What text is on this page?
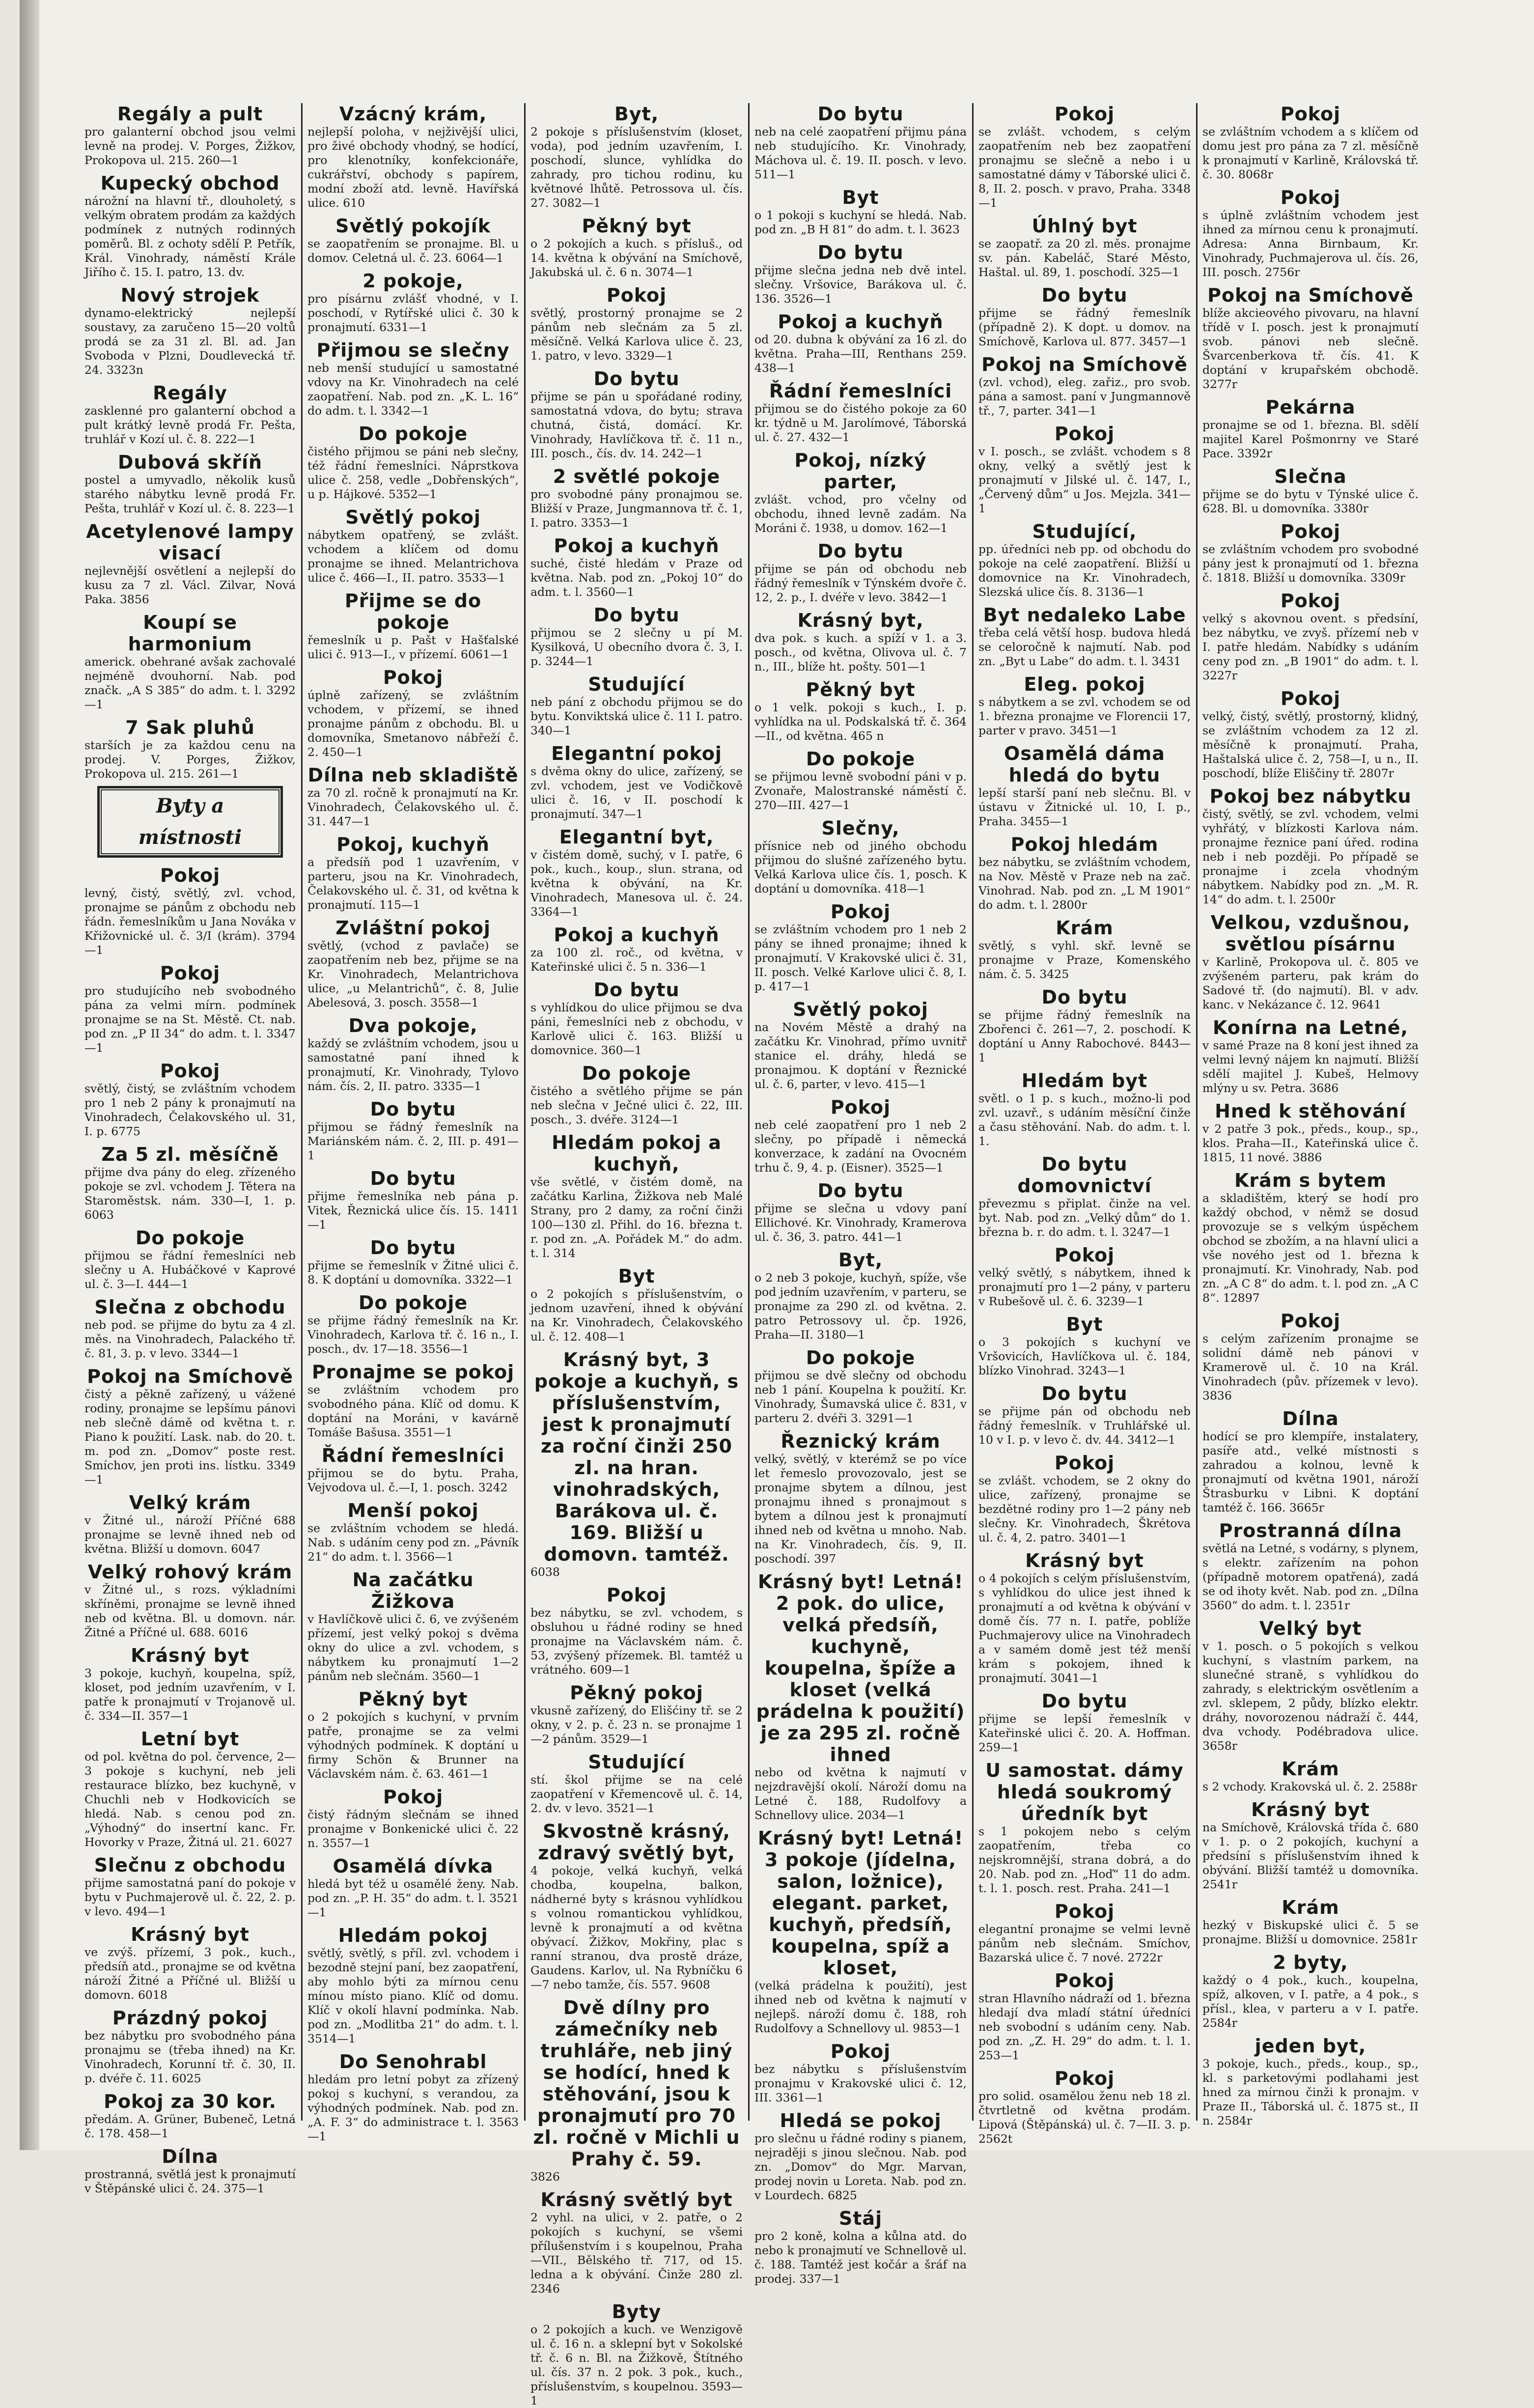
Regály a pult

pro galanterní obchod jsou velmi levně na prodej. V. Porges, Žižkov, Prokopova ul. 215. 260—1

Kupecký obchod

nárožní na hlavní tř., dlouholetý, s velkým obratem prodám za každých podmínek z nutných rodinných poměrů. Bl. z ochoty sdělí P. Petřík, Král. Vinohrady, náměstí Krále Jiřího č. 15. I. patro, 13. dv.

Nový strojek

dynamo-elektrický nejlepší soustavy, za zaručeno 15—20 voltů prodá se za 31 zl. Bl. ad. Jan Svoboda v Plzni, Doudlevecká tř. 24. 3323n

Regály

zasklenné pro galanterní obchod a pult krátký levně prodá Fr. Pešta, truhlář v Kozí ul. č. 8. 222—1

Dubová skříň

postel a umyvadlo, několik kusů starého nábytku levně prodá Fr. Pešta, truhlář v Kozí ul. č. 8. 223—1

Acetylenové lampy visací

nejlevnější osvětlení a nejlepší do kusu za 7 zl. Václ. Zilvar, Nová Paka. 3856

Koupí se harmonium

americk. obehrané avšak zachovalé nejméně dvouhorní. Nab. pod značk. „A S 385“ do adm. t. l. 3292—1

7 Sak pluhů

starších je za každou cenu na prodej. V. Porges, Žižkov, Prokopova ul. 215. 261—1

Byty a místnosti
Pokoj

levný, čistý, světlý, zvl. vchod, pronajme se pánům z obchodu neb řádn. řemeslníkům u Jana Nováka v Křižovnické ul. č. 3/I (krám). 3794—1

Pokoj

pro studujícího neb svobodného pána za velmi mírn. podmínek pronajme se na St. Městě. Ct. nab. pod zn. „P II 34“ do adm. t. l. 3347—1

Pokoj

světlý, čistý, se zvláštním vchodem pro 1 neb 2 pány k pronajmutí na Vinohradech, Čelakovského ul. 31, I. p. 6775

Za 5 zl. měsíčně

přijme dva pány do eleg. zřízeného pokoje se zvl. vchodem J. Tětera na Staroměstsk. nám. 330—I, 1. p. 6063

Do pokoje

přijmou se řádní řemeslníci neb slečny u A. Hubáčkové v Kaprové ul. č. 3—I. 444—1

Slečna z obchodu

neb pod. se přijme do bytu za 4 zl. měs. na Vinohradech, Palackého tř. č. 81, 3. p. v levo. 3344—1

Pokoj na Smíchově

čistý a pěkně zařízený, u vážené rodiny, pronajme se lepšímu pánovi neb slečně dámě od května t. r. Piano k použití. Lask. nab. do 20. t. m. pod zn. „Domov“ poste rest. Smíchov, jen proti ins. lístku. 3349—1

Velký krám

v Žitné ul., nároží Příčné 688 pronajme se levně ihned neb od května. Bližší u domovn. 6047

Velký rohový krám

v Žitné ul., s rozs. výkladními skříněmi, pronajme se levně ihned neb od května. Bl. u domovn. nár. Žitné a Příčné ul. 688. 6016

Krásný byt

3 pokoje, kuchyň, koupelna, spíž, kloset, pod jedním uzavřením, v I. patře k pronajmutí v Trojanově ul. č. 334—II. 357—1

Letní byt

od pol. května do pol. července, 2—3 pokoje s kuchyní, neb jeli restaurace blízko, bez kuchyně, v Chuchli neb v Hodkovicích se hledá. Nab. s cenou pod zn. „Výhodný“ do insertní kanc. Fr. Hovorky v Praze, Žitná ul. 21. 6027

Slečnu z obchodu

přijme samostatná paní do pokoje v bytu v Puchmajerově ul. č. 22, 2. p. v levo. 494—1

Krásný byt

ve zvýš. přízemí, 3 pok., kuch., předsíň atd., pronajme se od května nároží Žitné a Příčné ul. Bližší u domovn. 6018

Prázdný pokoj

bez nábytku pro svobodného pána pronajmu se (třeba ihned) na Kr. Vinohradech, Korunní tř. č. 30, II. p. dvéře č. 11. 6025

Pokoj za 30 kor.

předám. A. Grüner, Bubeneč, Letná č. 178. 458—1

Dílna

prostranná, světlá jest k pronajmutí v Štěpánské ulici č. 24. 375—1

Vzácný krám,

nejlepší poloha, v nejživější ulici, pro živé obchody vhodný, se hodící, pro klenotníky, konfekcionáře, cukrářství, obchody s papírem, modní zboží atd. levně. Havířská ulice. 610

Světlý pokojík

se zaopatřením se pronajme. Bl. u domov. Celetná ul. č. 23. 6064—1

2 pokoje,

pro písárnu zvlášť vhodné, v I. poschodí, v Rytířské ulici č. 30 k pronajmutí. 6331—1

Přijmou se slečny

neb menší studující u samostatné vdovy na Kr. Vinohradech na celé zaopatření. Nab. pod zn. „K. L. 16“ do adm. t. l. 3342—1

Do pokoje

čistého přijmou se páni neb slečny, též řádní řemeslníci. Náprstkova ulice č. 258, vedle „Dobřenských“, u p. Hájkové. 5352—1

Světlý pokoj

nábytkem opatřený, se zvlášt. vchodem a klíčem od domu pronajme se ihned. Melantrichova ulice č. 466—I., II. patro. 3533—1

Přijme se do pokoje

řemeslník u p. Pašt v Hašťalské ulici č. 913—I., v přízemí. 6061—1

Pokoj

úplně zařízený, se zvláštním vchodem, v přízemí, se ihned pronajme pánům z obchodu. Bl. u domovníka, Smetanovo nábřeží č. 2. 450—1

Dílna neb skladiště

za 70 zl. ročně k pronajmutí na Kr. Vinohradech, Čelakovského ul. č. 31. 447—1

Pokoj, kuchyň

a předsíň pod 1 uzavřením, v parteru, jsou na Kr. Vinohradech, Čelakovského ul. č. 31, od května k pronajmutí. 115—1

Zvláštní pokoj

světlý, (vchod z pavlače) se zaopatřením neb bez, přijme se na Kr. Vinohradech, Melantrichova ulice, „u Melantrichů“, č. 8, Julie Abelesová, 3. posch. 3558—1

Dva pokoje,

každý se zvláštním vchodem, jsou u samostatné paní ihned k pronajmutí, Kr. Vinohrady, Tylovo nám. čís. 2, II. patro. 3335—1

Do bytu

přijmou se řádný řemeslník na Mariánském nám. č. 2, III. p. 491—1

Do bytu

přijme řemeslníka neb pána p. Vitek, Řeznická ulice čís. 15. 1411—1

Do bytu

přijme se řemeslník v Žitné ulici č. 8. K doptání u domovníka. 3322—1

Do pokoje

se přijme řádný řemeslník na Kr. Vinohradech, Karlova tř. č. 16 n., I. posch., dv. 17—18. 3556—1

Pronajme se pokoj

se zvláštním vchodem pro svobodného pána. Klíč od domu. K doptání na Moráni, v kavárně Tomáše Bašusa. 3551—1

Řádní řemeslníci

přijmou se do bytu. Praha, Vejvodova ul. č.—I, 1. posch. 3242

Menší pokoj

se zvláštním vchodem se hledá. Nab. s udáním ceny pod zn. „Pávník 21“ do adm. t. l. 3566—1

Na začátku Žižkova

v Havlíčkově ulici č. 6, ve zvýšeném přízemí, jest velký pokoj s dvěma okny do ulice a zvl. vchodem, s nábytkem ku pronajmutí 1—2 pánům neb slečnám. 3560—1

Pěkný byt

o 2 pokojích s kuchyní, v prvním patře, pronajme se za velmi výhodných podmínek. K doptání u firmy Schön & Brunner na Václavském nám. č. 63. 461—1

Pokoj

čistý řádným slečnám se ihned pronajme v Bonkenické ulici č. 22 n. 3557—1

Osamělá dívka

hledá byt též u osamělé ženy. Nab. pod zn. „P. H. 35“ do adm. t. l. 3521—1

Hledám pokoj

světlý, světlý, s příl. zvl. vchodem i bezodně stejní paní, bez zaopatření, aby mohlo býti za mírnou cenu mínou místo piano. Klíč od domu. Klíč v okolí hlavní podmínka. Nab. pod zn. „Modlitba 21“ do adm. t. l. 3514—1

Do Senohrabl

hledám pro letní pobyt za zřízený pokoj s kuchyní, s verandou, za výhodných podmínek. Nab. pod zn. „A. F. 3“ do administrace t. l. 3563—1

Byt,

2 pokoje s příslušenstvím (kloset, voda), pod jedním uzavřením, I. poschodí, slunce, vyhlídka do zahrady, pro tichou rodinu, ku květnové lhůtě. Petrossova ul. čís. 27. 3082—1

Pěkný byt

o 2 pokojích a kuch. s přísluš., od 14. května k obývání na Smíchově, Jakubská ul. č. 6 n. 3074—1

Pokoj

světlý, prostorný pronajme se 2 pánům neb slečnám za 5 zl. měsíčně. Velká Karlova ulice č. 23, 1. patro, v levo. 3329—1

Do bytu

přijme se pán u spořádané rodiny, samostatná vdova, do bytu; strava chutná, čistá, domácí. Kr. Vinohrady, Havlíčkova tř. č. 11 n., III. posch., čís. dv. 14. 242—1

2 světlé pokoje

pro svobodné pány pronajmou se. Bližší v Praze, Jungmannova tř. č. 1, I. patro. 3353—1

Pokoj a kuchyň

suché, čisté hledám v Praze od května. Nab. pod zn. „Pokoj 10“ do adm. t. l. 3560—1

Do bytu

přijmou se 2 slečny u pí M. Kysilková, U obecního dvora č. 3, I. p. 3244—1

Studující

neb pání z obchodu přijmou se do bytu. Konviktská ulice č. 11 I. patro. 340—1

Elegantní pokoj

s dvěma okny do ulice, zařízený, se zvl. vchodem, jest ve Vodičkově ulici č. 16, v II. poschodí k pronajmutí. 347—1

Elegantní byt,

v čistém domě, suchý, v I. patře, 6 pok., kuch., koup., slun. strana, od května k obývání, na Kr. Vinohradech, Manesova ul. č. 24. 3364—1

Pokoj a kuchyň

za 100 zl. roč., od května, v Kateřinské ulici č. 5 n. 336—1

Do bytu

s vyhlídkou do ulice přijmou se dva páni, řemeslníci neb z obchodu, v Karlově ulici č. 163. Bližší u domovnice. 360—1

Do pokoje

čistého a světlého přijme se pán neb slečna v Ječné ulici č. 22, III. posch., 3. dvéře. 3124—1

Hledám pokoj a kuchyň,

vše světlé, v čistém domě, na začátku Karlina, Žižkova neb Malé Strany, pro 2 damy, za roční činži 100—130 zl. Přihl. do 16. března t. r. pod zn. „A. Pořádek M.“ do adm. t. l. 314

Byt

o 2 pokojích s příslušenstvím, o jednom uzavření, ihned k obývání na Kr. Vinohradech, Čelakovského ul. č. 12. 408—1

Krásný byt, 3 pokoje a kuchyň, s příslušenstvím, jest k pronajmutí za roční činži 250 zl. na hran. vinohradských, Barákova ul. č. 169. Bližší u domovn. tamtéž.

6038

Pokoj

bez nábytku, se zvl. vchodem, s obsluhou u řádné rodiny se hned pronajme na Václavském nám. č. 53, zvýšený přízemek. Bl. tamtéž u vrátného. 609—1

Pěkný pokoj

vkusně zařízený, do Elišćiny tř. se 2 okny, v 2. p. č. 23 n. se pronajme 1—2 pánům. 3529—1

Studující

stí. škol přijme se na celé zaopatření v Křemencově ul. č. 14, 2. dv. v levo. 3521—1

Skvostně krásný, zdravý světlý byt,

4 pokoje, velká kuchyň, velká chodba, koupelna, balkon, nádherné byty s krásnou vyhlídkou s volnou romantickou vyhlídkou, levně k pronajmutí a od května obývací. Žižkov, Mokřiny, plac s ranní stranou, dva prostě dráze, Gaudens. Karlov, ul. Na Rybníčku 6—7 nebo tamže, čís. 557. 9608

Dvě dílny pro zámečníky neb truhláře, neb jiný se hodící, hned k stěhování, jsou k pronajmutí pro 70 zl. ročně v Michli u Prahy č. 59.

3826

Krásný světlý byt

2 vyhl. na ulici, v 2. patře, o 2 pokojích s kuchyní, se všemi přílušenstvím i s koupelnou, Praha—VII., Bělského tř. 717, od 15. ledna a k obývání. Činže 280 zl. 2346

Byty

o 2 pokojích a kuch. ve Wenzigově ul. č. 16 n. a sklepní byt v Sokolské tř. č. 6 n. Bl. na Žižkově, Štítného ul. čís. 37 n. 2 pok. 3 pok., kuch., příslušenstvím, s koupelnou. 3593—1

Do bytu

neb na celé zaopatření přijmu pána neb studujícího. Kr. Vinohrady, Máchova ul. č. 19. II. posch. v levo. 511—1

Byt

o 1 pokoji s kuchyní se hledá. Nab. pod zn. „B H 81“ do adm. t. l. 3623

Do bytu

přijme slečna jedna neb dvě intel. slečny. Vršovice, Barákova ul. č. 136. 3526—1

Pokoj a kuchyň

od 20. dubna k obývání za 16 zl. do května. Praha—III, Renthans 259. 438—1

Řádní řemeslníci

přijmou se do čistého pokoje za 60 kr. týdně u M. Jarolímové, Táborská ul. č. 27. 432—1

Pokoj, nízký parter,

zvlášt. vchod, pro včelny od obchodu, ihned levně zadám. Na Moráni č. 1938, u domov. 162—1

Do bytu

přijme se pán od obchodu neb řádný řemeslník v Týnském dvoře č. 12, 2. p., I. dvéře v levo. 3842—1

Krásný byt,

dva pok. s kuch. a spíží v 1. a 3. posch., od května, Olivova ul. č. 7 n., III., blíže ht. pošty. 501—1

Pěkný byt

o 1 velk. pokoji s kuch., I. p. vyhlídka na ul. Podskalská tř. č. 364—II., od května. 465 n

Do pokoje

se přijmou levně svobodní páni v p. Zvonaře, Malostranské náměstí č. 270—III. 427—1

Slečny,

přísnice neb od jiného obchodu přijmou do slušné zařízeného bytu. Velká Karlova ulice čís. 1, posch. K doptání u domovníka. 418—1

Pokoj

se zvláštním vchodem pro 1 neb 2 pány se ihned pronajme; ihned k pronajmutí. V Krakovské ulici č. 31, II. posch. Velké Karlove ulici č. 8, I. p. 417—1

Světlý pokoj

na Novém Městě a drahý na začátku Kr. Vinohrad, přímo uvnitř stanice el. dráhy, hledá se pronajmou. K doptání v Řeznické ul. č. 6, parter, v levo. 415—1

Pokoj

neb celé zaopatření pro 1 neb 2 slečny, po případě i německá konverzace, k zadání na Ovocném trhu č. 9, 4. p. (Eisner). 3525—1

Do bytu

přijme se slečna u vdovy paní Ellichové. Kr. Vinohrady, Kramerova ul. č. 36, 3. patro. 441—1

Byt,

o 2 neb 3 pokoje, kuchyň, spíže, vše pod jedním uzavřením, v parteru, se pronajme za 290 zl. od května. 2. patro Petrossovy ul. čp. 1926, Praha—II. 3180—1

Do pokoje

přijmou se dvě slečny od obchodu neb 1 pání. Koupelna k použití. Kr. Vinohrady, Šumavská ulice č. 831, v parteru 2. dvéři 3. 3291—1

Řeznický krám

velký, světlý, v kterémž se po více let řemeslo provozovalo, jest se pronajme sbytem a dílnou, jest pronajmu ihned s pronajmout s bytem a dílnou jest k pronajmutí ihned neb od května u mnoho. Nab. na Kr. Vinohradech, čís. 9, II. poschodí. 397

Krásný byt! Letná! 2 pok. do ulice, velká předsíň, kuchyně, koupelna, špíže a kloset (velká prádelna k použití) je za 295 zl. ročně ihned

nebo od května k najmutí v nejzdravější okolí. Nároží domu na Letné č. 188, Rudolfovy a Schnellovy ulice. 2034—1

Krásný byt! Letná! 3 pokoje (jídelna, salon, ložnice), elegant. parket, kuchyň, předsíň, koupelna, spíž a kloset,

(velká prádelna k použití), jest ihned neb od května k najmutí v nejlepš. nároží domu č. 188, roh Rudolfovy a Schnellovy ul. 9853—1

Pokoj

bez nábytku s příslušenstvím pronajmu v Krakovské ulici č. 12, III. 3361—1

Hledá se pokoj

pro slečnu u řádné rodiny s pianem, nejraději s jinou slečnou. Nab. pod zn. „Domov“ do Mgr. Marvan, prodej novin u Loreta. Nab. pod zn. v Lourdech. 6825

Stáj

pro 2 koně, kolna a kůlna atd. do nebo k pronajmutí ve Schnellově ul. č. 188. Tamtéž jest kočár a šráf na prodej. 337—1

Pokoj

se zvlášt. vchodem, s celým zaopatřením neb bez zaopatření pronajmu se slečně a nebo i u samostatné dámy v Táborské ulici č. 8, II. 2. posch. v pravo, Praha. 3348—1

Úhlný byt

se zaopatř. za 20 zl. měs. pronajme sv. pán. Kabeláč, Staré Město, Haštal. ul. 89, 1. poschodí. 325—1

Do bytu

přijme se řádný řemeslník (případně 2). K dopt. u domov. na Smíchově, Karlova ul. 877. 3457—1

Pokoj na Smíchově

(zvl. vchod), eleg. zařiz., pro svob. pána a samost. paní v Jungmannově tř., 7, parter. 341—1

Pokoj

v I. posch., se zvlášt. vchodem s 8 okny, velký a světlý jest k pronajmutí v Jilské ul. č. 147, I., „Červený dům“ u Jos. Mejzla. 341—1

Studující,

pp. úředníci neb pp. od obchodu do pokoje na celé zaopatření. Bližší u domovnice na Kr. Vinohradech, Slezská ulice čís. 8. 3136—1

Byt nedaleko Labe

třeba celá větší hosp. budova hledá se celoročně k najmutí. Nab. pod zn. „Byt u Labe“ do adm. t. l. 3431

Eleg. pokoj

s nábytkem a se zvl. vchodem se od 1. března pronajme ve Florencii 17, parter v pravo. 3451—1

Osamělá dáma hledá do bytu

lepší starší paní neb slečnu. Bl. v ústavu v Žitnické ul. 10, I. p., Praha. 3455—1

Pokoj hledám

bez nábytku, se zvláštním vchodem, na Nov. Městě v Praze neb na zač. Vinohrad. Nab. pod zn. „L M 1901“ do adm. t. l. 2800r

Krám

světlý, s vyhl. skř. levně se pronajme v Praze, Komenského nám. č. 5. 3425

Do bytu

se přijme řádný řemeslník na Zbořenci č. 261—7, 2. poschodí. K doptání u Anny Rabochové. 8443—1

Hledám byt

světl. o 1 p. s kuch., možno-li pod zvl. uzavř., s udáním měsíční činže a času stěhování. Nab. do adm. t. l. 1.

Do bytu domovnictví

převezmu s připlat. činže na vel. byt. Nab. pod zn. „Velký dům“ do 1. března b. r. do adm. t. l. 3247—1

Pokoj

velký světlý, s nábytkem, ihned k pronajmutí pro 1—2 pány, v parteru v Rubešově ul. č. 6. 3239—1

Byt

o 3 pokojích s kuchyní ve Vršovicích, Havlíčkova ul. č. 184, blízko Vinohrad. 3243—1

Do bytu

se přijme pán od obchodu neb řádný řemeslník. v Truhlářské ul. 10 v I. p. v levo č. dv. 44. 3412—1

Pokoj

se zvlášt. vchodem, se 2 okny do ulice, zařízený, pronajme se bezdětné rodiny pro 1—2 pány neb slečny. Kr. Vinohradech, Škrétova ul. č. 4, 2. patro. 3401—1

Krásný byt

o 4 pokojích s celým příslušenstvím, s vyhlídkou do ulice jest ihned k pronajmutí a od května k obývání v domě čís. 77 n. I. patře, poblíže Puchmajerovy ulice na Vinohradech a v samém domě jest též menší krám s pokojem, ihned k pronajmutí. 3041—1

Do bytu

přijme se lepší řemeslník v Kateřinské ulici č. 20. A. Hoffman. 259—1

U samostat. dámy hledá soukromý úředník byt

s 1 pokojem nebo s celým zaopatřením, třeba co nejskromnější, strana dobrá, a do 20. Nab. pod zn. „Hoď“ 11 do adm. t. l. 1. posch. rest. Praha. 241—1

Pokoj

elegantní pronajme se velmi levně pánům neb slečnám. Smíchov, Bazarská ulice č. 7 nové. 2722r

Pokoj

stran Hlavního nádraží od 1. března hledají dva mladí státní úředníci neb svobodní s udáním ceny. Nab. pod zn. „Z. H. 29“ do adm. t. l. 1. 253—1

Pokoj

pro solid. osamělou ženu neb 18 zl. čtvrtletně od května prodám. Lipová (Štěpánská) ul. č. 7—II. 3. p. 2562t

Pokoj

se zvláštním vchodem a s klíčem od domu jest pro pána za 7 zl. měsíčně k pronajmutí v Karlině, Královská tř. č. 30. 8068r

Pokoj

s úplně zvláštním vchodem jest ihned za mírnou cenu k pronajmutí. Adresa: Anna Birnbaum, Kr. Vinohrady, Puchmajerova ul. čís. 26, III. posch. 2756r

Pokoj na Smíchově

blíže akcieového pivovaru, na hlavní třídě v I. posch. jest k pronajmutí svob. pánovi neb slečně. Švarcenberkova tř. čís. 41. K doptání v krupařském obchodě. 3277r

Pekárna

pronajme se od 1. března. Bl. sdělí majitel Karel Pošmonrny ve Staré Pace. 3392r

Slečna

přijme se do bytu v Týnské ulice č. 628. Bl. u domovníka. 3380r

Pokoj

se zvláštním vchodem pro svobodné pány jest k pronajmutí od 1. března č. 1818. Bližší u domovníka. 3309r

Pokoj

velký s akovnou ovent. s předsíní, bez nábytku, ve zvyš. přízemí neb v I. patře hledám. Nabídky s udáním ceny pod zn. „B 1901“ do adm. t. l. 3227r

Pokoj

velký, čistý, světlý, prostorný, klidný, se zvláštním vchodem za 12 zl. měsíčně k pronajmutí. Praha, Haštalská ulice č. 2, 758—I, u n., II. poschodí, blíže Eliščiny tř. 2807r

Pokoj bez nábytku

čistý, světlý, se zvl. vchodem, velmi vyhřátý, v blízkosti Karlova nám. pronajme řeznice paní úřed. rodina neb i neb později. Po případě se pronajme i zcela vhodným nábytkem. Nabídky pod zn. „M. R. 14“ do adm. t. l. 2500r

Velkou, vzdušnou, světlou písárnu

v Karlině, Prokopova ul. č. 805 ve zvýšeném parteru, pak krám do Sadové tř. (do najmutí). Bl. v adv. kanc. v Nekázance č. 12. 9641

Konírna na Letné,

v samé Praze na 8 koní jest ihned za velmi levný nájem kn najmutí. Bližší sdělí majitel J. Kubeš, Helmovy mlýny u sv. Petra. 3686

Hned k stěhování

v 2 patře 3 pok., předs., koup., sp., klos. Praha—II., Kateřinská ulice č. 1815, 11 nové. 3886

Krám s bytem

a skladištěm, který se hodí pro každý obchod, v němž se dosud provozuje se s velkým úspěchem obchod se zbožím, a na hlavní ulici a vše nového jest od 1. března k pronajmutí. Kr. Vinohrady, Nab. pod zn. „A C 8“ do adm. t. l. pod zn. „A C 8“. 12897

Pokoj

s celým zařízením pronajme se solidní dámě neb pánovi v Kramerově ul. č. 10 na Král. Vinohradech (pův. přízemek v levo). 3836

Dílna

hodící se pro klempíře, instalatery, pasíře atd., velké místnosti s zahradou a kolnou, levně k pronajmutí od května 1901, nároží Štrasburku v Libni. K doptání tamtéž č. 166. 3665r

Prostranná dílna

světlá na Letné, s vodárny, s plynem, s elektr. zařízením na pohon (případně motorem opatřená), zadá se od ihoty květ. Nab. pod zn. „Dílna 3560“ do adm. t. l. 2351r

Velký byt

v 1. posch. o 5 pokojích s velkou kuchyní, s vlastním parkem, na slunečné straně, s vyhlídkou do zahrady, s elektrickým osvětlením a zvl. sklepem, 2 půdy, blízko elektr. dráhy, novorozenou nádraží č. 444, dva vchody. Podébradova ulice. 3658r

Krám

s 2 vchody. Krakovská ul. č. 2. 2588r

Krásný byt

na Smíchově, Královská třída č. 680 v 1. p. o 2 pokojích, kuchyní a předsíní s příslušenstvím ihned k obývání. Bližší tamtéž u domovníka. 2541r

Krám

hezký v Biskupské ulici č. 5 se pronajme. Bližší u domovnice. 2581r

2 byty,

každý o 4 pok., kuch., koupelna, spíž, alkoven, v I. patře, a 4 pok., s přísl., klea, v parteru a v I. patře. 2584r

jeden byt,

3 pokoje, kuch., předs., koup., sp., kl. s parketovými podlahami jest hned za mírnou činži k pronajm. v Praze II., Táborská ul. č. 1875 st., II n. 2584r
